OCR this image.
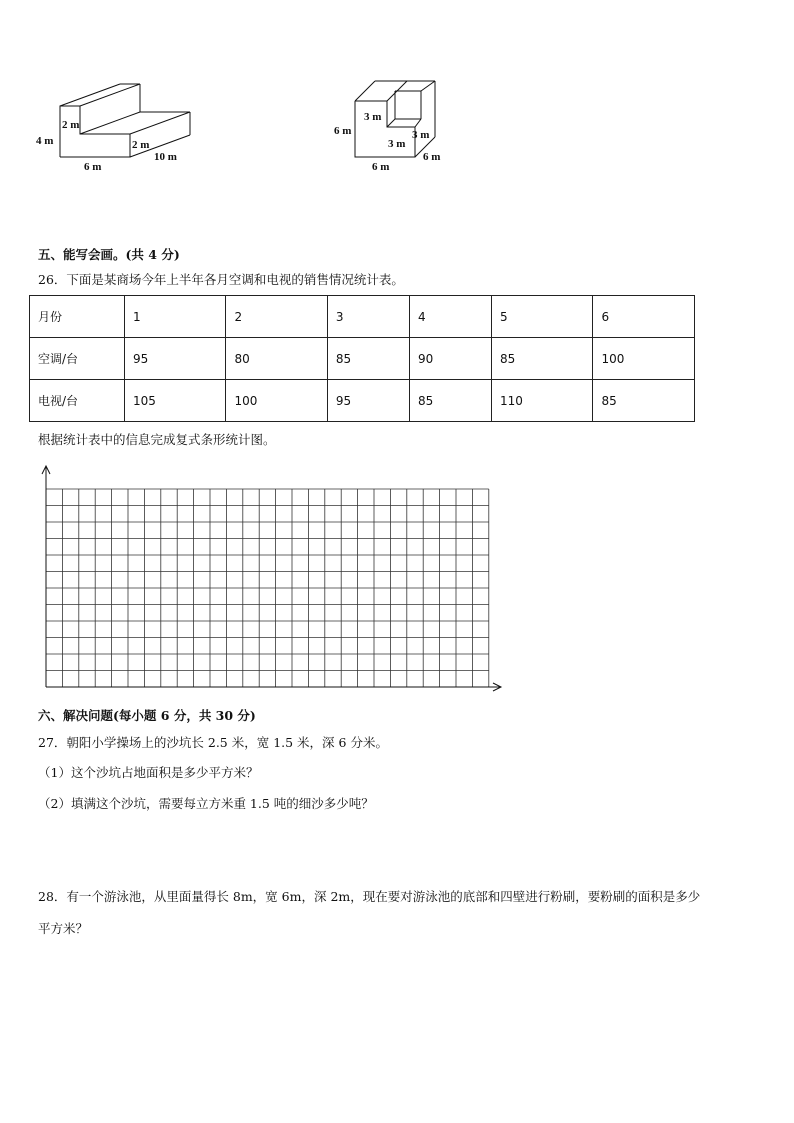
2 m
4 m	2 m
10 m
6 m
3 m
6 m	3 m
3 m
6 m
6 m
五、能写会画。(共 4 分)
26．下面是某商场今年上半年各月空调和电视的销售情况统计表。
月份	1	2	3	4	5	6
空调/台	95	80	85	90	85	100
电视/台	105	100	95	85	110	85
根据统计表中的信息完成复式条形统计图。
六、解决问题(每小题 6 分，共 30 分)
27．朝阳小学操场上的沙坑长 2.5 米，宽 1.5 米，深 6 分米。
（1）这个沙坑占地面积是多少平方米？
（2）填满这个沙坑，需要每立方米重 1.5 吨的细沙多少吨？
28．有一个游泳池，从里面量得长 8m，宽 6m，深 2m，现在要对游泳池的底部和四壁进行粉刷，要粉刷的面积是多少
平方米？
